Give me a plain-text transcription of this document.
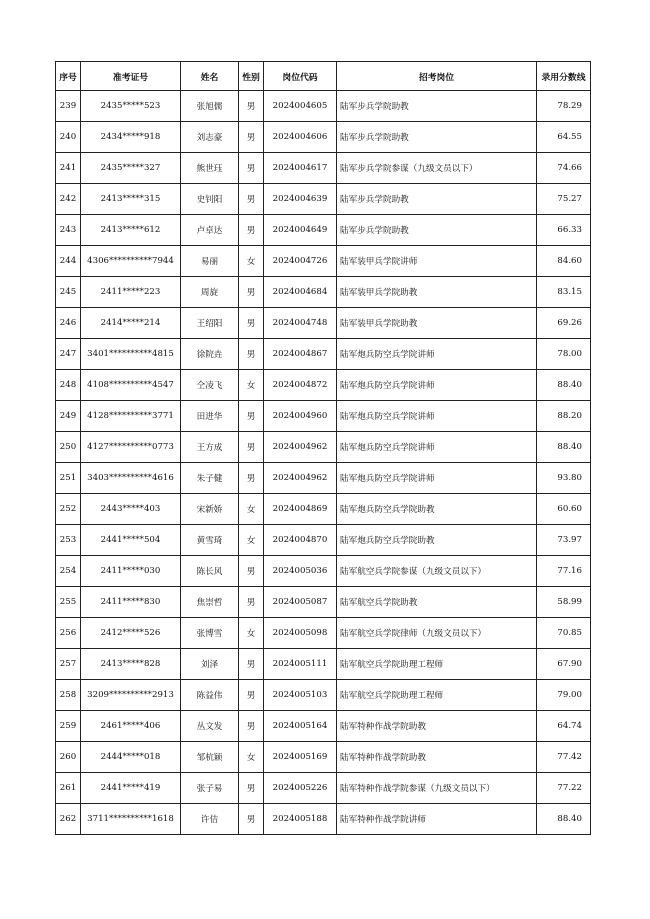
序号	准考证号	姓名	性别	岗位代码	招考岗位	录用分数线
239	2435*****523	张旭儒	男	2024004605	陆军步兵学院助教	78.29
240	2434*****918	刘志豪	男	2024004606	陆军步兵学院助教	64.55
241	2435*****327	熊世珏	男	2024004617	陆军步兵学院参谋（九级文员以下）	74.66
242	2413*****315	史钊阳	男	2024004639	陆军步兵学院助教	75.27
243	2413*****612	卢卓达	男	2024004649	陆军步兵学院助教	66.33
244	4306**********7944	易丽	女	2024004726	陆军装甲兵学院讲师	84.60
245	2411*****223	周旋	男	2024004684	陆军装甲兵学院助教	83.15
246	2414*****214	王绍阳	男	2024004748	陆军装甲兵学院助教	69.26
247	3401**********4815	徐院垚	男	2024004867	陆军炮兵防空兵学院讲师	78.00
248	4108**********4547	仝凌飞	女	2024004872	陆军炮兵防空兵学院讲师	88.40
249	4128**********3771	田进华	男	2024004960	陆军炮兵防空兵学院讲师	88.20
250	4127**********0773	王方成	男	2024004962	陆军炮兵防空兵学院讲师	88.40
251	3403**********4616	朱子健	男	2024004962	陆军炮兵防空兵学院讲师	93.80
252	2443*****403	宋新娇	女	2024004869	陆军炮兵防空兵学院助教	60.60
253	2441*****504	黄雪琦	女	2024004870	陆军炮兵防空兵学院助教	73.97
254	2411*****030	陈长风	男	2024005036	陆军航空兵学院参谋（九级文员以下）	77.16
255	2411*****830	焦崇哲	男	2024005087	陆军航空兵学院助教	58.99
256	2412*****526	张博雪	女	2024005098	陆军航空兵学院律师（九级文员以下）	70.85
257	2413*****828	刘泽	男	2024005111	陆军航空兵学院助理工程师	67.90
258	3209**********2913	陈益伟	男	2024005103	陆军航空兵学院助理工程师	79.00
259	2461*****406	丛文发	男	2024005164	陆军特种作战学院助教	64.74
260	2444*****018	邹杭颖	女	2024005169	陆军特种作战学院助教	77.42
261	2441*****419	张子易	男	2024005226	陆军特种作战学院参谋（九级文员以下）	77.22
262	3711**********1618	许佶	男	2024005188	陆军特种作战学院讲师	88.40
